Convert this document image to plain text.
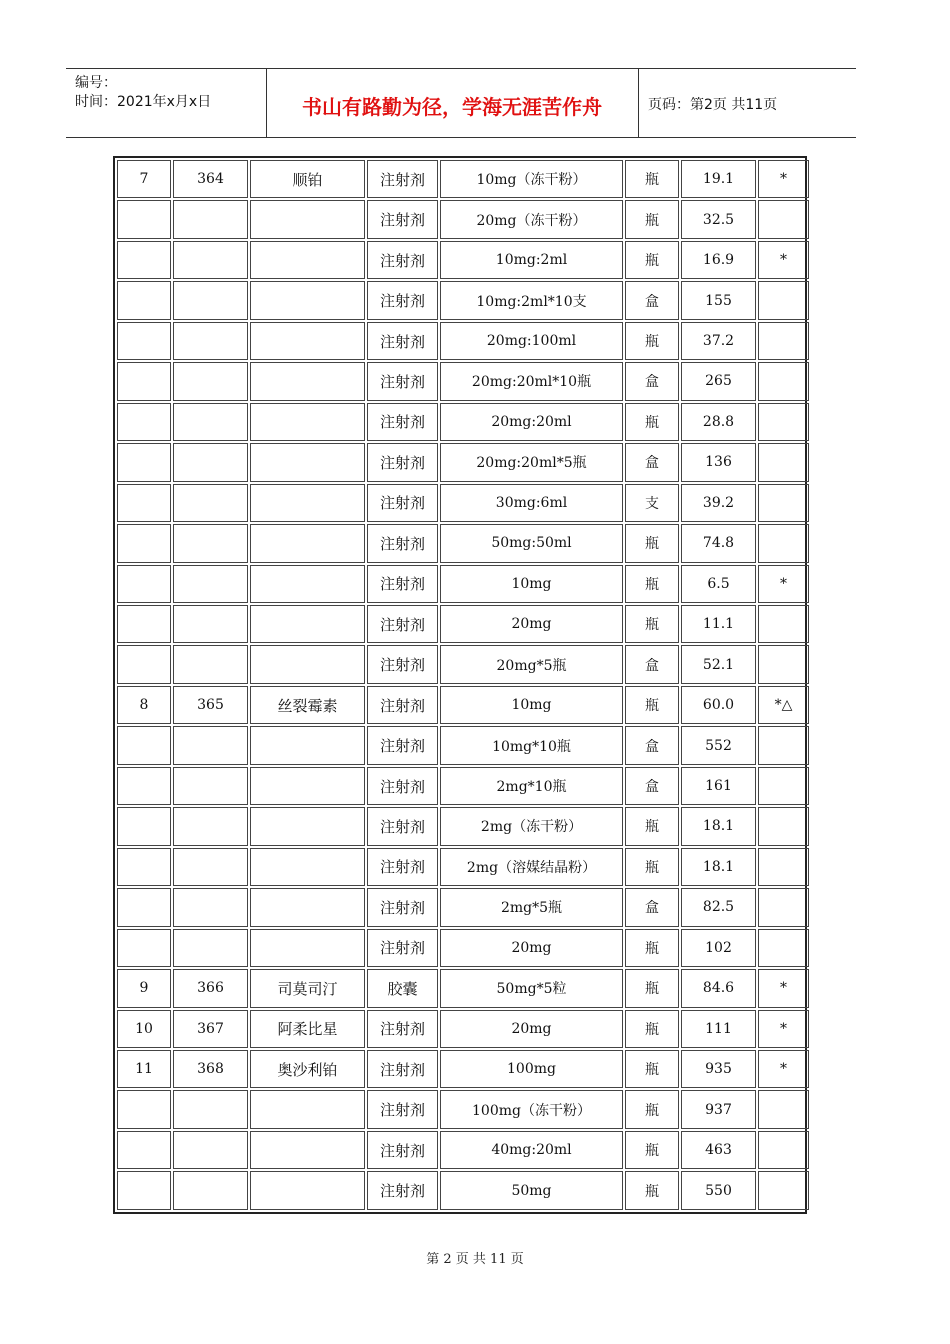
编号：
时间：2021年x月x日	书山有路勤为径，学海无涯苦作舟	页码：第2页 共11页
7	364	顺铂	注射剂	10mg（冻干粉）	瓶	19.1	*
			注射剂	20mg（冻干粉）	瓶	32.5	
			注射剂	10mg:2ml	瓶	16.9	*
			注射剂	10mg:2ml*10支	盒	155	
			注射剂	20mg:100ml	瓶	37.2	
			注射剂	20mg:20ml*10瓶	盒	265	
			注射剂	20mg:20ml	瓶	28.8	
			注射剂	20mg:20ml*5瓶	盒	136	
			注射剂	30mg:6ml	支	39.2	
			注射剂	50mg:50ml	瓶	74.8	
			注射剂	10mg	瓶	6.5	*
			注射剂	20mg	瓶	11.1	
			注射剂	20mg*5瓶	盒	52.1	
8	365	丝裂霉素	注射剂	10mg	瓶	60.0	*△
			注射剂	10mg*10瓶	盒	552	
			注射剂	2mg*10瓶	盒	161	
			注射剂	2mg（冻干粉）	瓶	18.1	
			注射剂	2mg（溶媒结晶粉）	瓶	18.1	
			注射剂	2mg*5瓶	盒	82.5	
			注射剂	20mg	瓶	102	
9	366	司莫司汀	胶囊	50mg*5粒	瓶	84.6	*
10	367	阿柔比星	注射剂	20mg	瓶	111	*
11	368	奥沙利铂	注射剂	100mg	瓶	935	*
			注射剂	100mg（冻干粉）	瓶	937	
			注射剂	40mg:20ml	瓶	463	
			注射剂	50mg	瓶	550	
第 2 页 共 11 页
